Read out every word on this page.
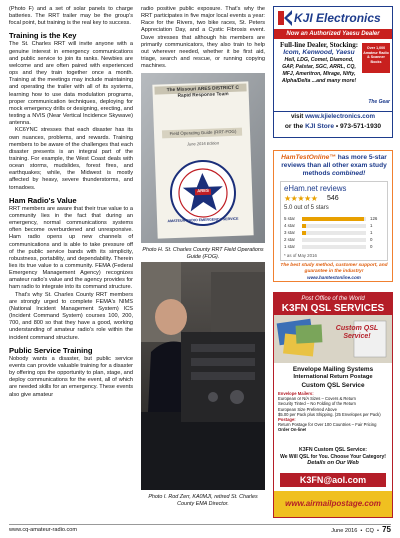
(Photo F) and a set of solar panels to charge batteries. The RRT trailer may be the group's focal point, but training is the real key to success.

Training is the Key

The St. Charles RRT will invite anyone with a genuine interest in emergency communications and public service to join its ranks. Newbies are welcome and are often paired with experienced ops and they train together once a month. Training at the meetings may include maintaining and operating the trailer with all of its systems, learning how to use data modulation programs, proper communication techniques, deploying for mock emergency drills or designing, erecting, and testing a NVIS (Near Vertical Incidence Skywave) antenna.

KC6YNC stresses that each disaster has its own nuances, problems, and rewards. Training members to be aware of the challenges that each disaster presents is an integral part of the training. For example, the West Coast deals with ocean storms, mudslides, forest fires, and earthquakes; while, the Midwest is mostly affected by heavy, severe thunderstorms, and tornadoes.

Ham Radio's Value

RRT members are aware that their true value to a community lies in the fact that during an emergency, normal communications systems often become overburdened and unresponsive. Ham radio opens up new channels of communications and is able to take pressure off of the public service bands with its simplicity, robustness, portability, and dependability. Therein lies its true value to a community. FEMA (Federal Emergency Management Agency) recognizes amateur radio's value and the agency provides for ham radio to integrate into its command structure.

That's why St. Charles County RRT members are strongly urged to complete FEMA's NIMS (National Incident Management System) ICS (Incident Command System) courses 100, 200, 700, and 800 so that they have a good, working understanding of amateur radio's role within the incident command structure.

Public Service Training

Nobody wants a disaster, but public service events can provide valuable training for a disaster by offering ops the opportunity to plan, stage, and deploy communications for the event, all of which are needed skills for an emergency. These events also give amateur

radio positive public exposure. That's why the RRT participates in five major local events a year: Race for the Rivers, two bike races, St. Peters Appreciation Day, and a Cystic Fibrosis event. Dave stresses that although his members are primarily communicators, they also train to help out wherever needed, whether it be first aid, triage, search and rescue, or running copying machines.

The Missouri ARES DISTRICT C Rapid Response Team
Field Operating Guide (RRT-FOG)
June 2016 Edition
AMATEUR RADIO EMERGENCY SERVICE
ARES
Photo H. St. Charles County RRT Field Operations Guide (FOG).
Photo I. Rod Zerr, KA0MJI, retired St. Charles County EMA Director.
KJI Electronics
Now an Authorized Yaesu Dealer
Full-line Dealer, Stocking:
Icom, Kenwood, Yaesu
Heil, LDG, Comet, Diamond,
GAP, Palstar, SGC, ARRL, CQ,
MFJ, Ameritron, Mirage, Nifty,
Alpha/Delta ...and many more!
Over 1,000 Amateur Radio & Scanner Books
The Gear
visit www.kjielectronics.com
or the KJI Store • 973-571-1930
HamTestOnline™ has more 5-star reviews than all other exam study methods combined!
eHam.net reviews
★★★★★ 546
5.0 out of 5 stars
5 star	126
4 star	1
3 star	1
2 star	0
1 star	0
* as of May 2016
The best study method, customer support, and guarantee in the industry!
www.hamtestonline.com
Post Office of the World
K3FN QSL SERVICES
Custom QSL Service!
Envelope Mailing Systems
International Return Postage
Custom QSL Service
Envelope Mailers:
European or N/A Sizes – Covers & Return
Security Tinted – No Folding of the Return
European Size Preferred Above
$5.00 per Pack plus Shipping. (25 Envelopes per Pack)
Postage:
Return Postage for Over 100 Countries – Fair Pricing
Order On-line!
K3FN Custom QSL Service:
We Will QSL for You. Choose Your Category!
Details on Our Web
K3FN@aol.com
www.airmailpostage.com
www.cq-amateur-radio.com	June 2016  •  CQ  •  75
